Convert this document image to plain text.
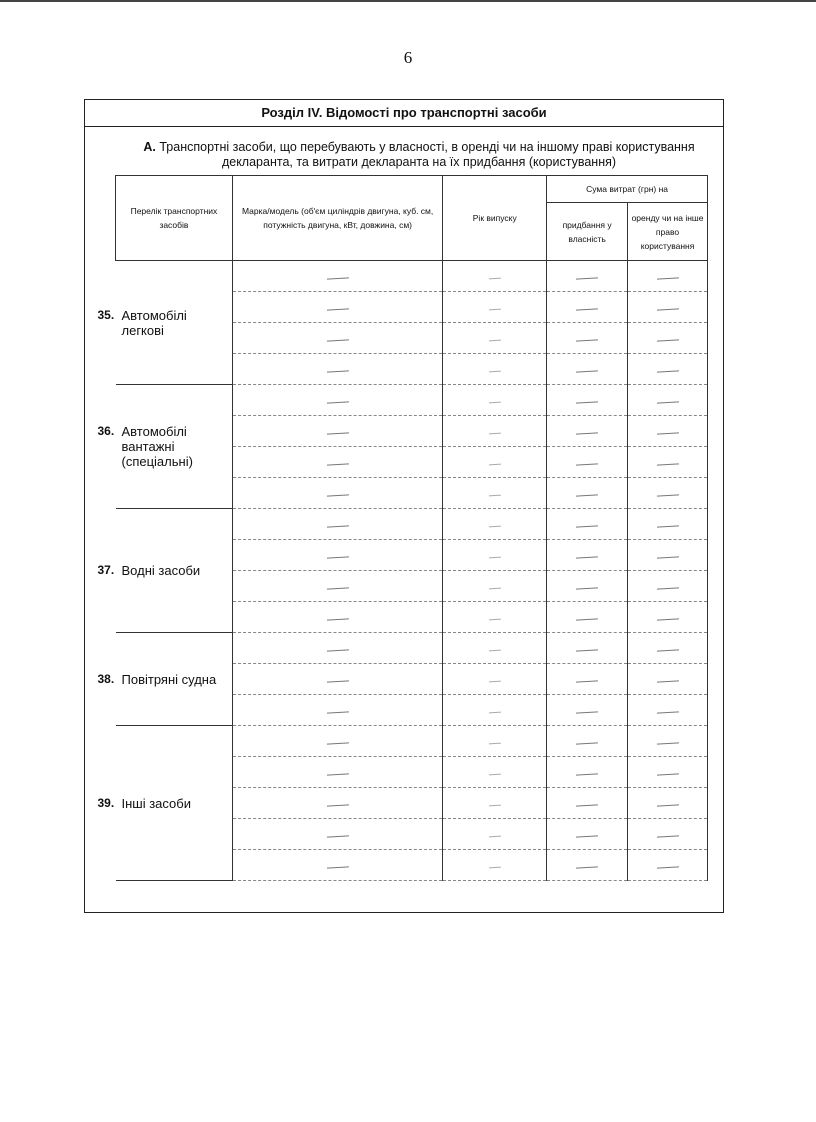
6
Розділ IV. Відомості про транспортні засоби
А. Транспортні засоби, що перебувають у власності, в оренді чи на іншому праві користування декларанта, та витрати декларанта на їх придбання (користування)
Перелік транспортних засобів	Марка/модель (об'єм циліндрів двигуна, куб. см, потужність двигуна, кВт, довжина, см)	Рік випуску	Сума витрат (грн) на	
			придбання у власність	оренду чи на інше право користування

35. Автомобілі легкові				

36. Автомобілі вантажні (спеціальні)				

37. Водні засоби				

38. Повітряні судна				

39. Інші засоби				
